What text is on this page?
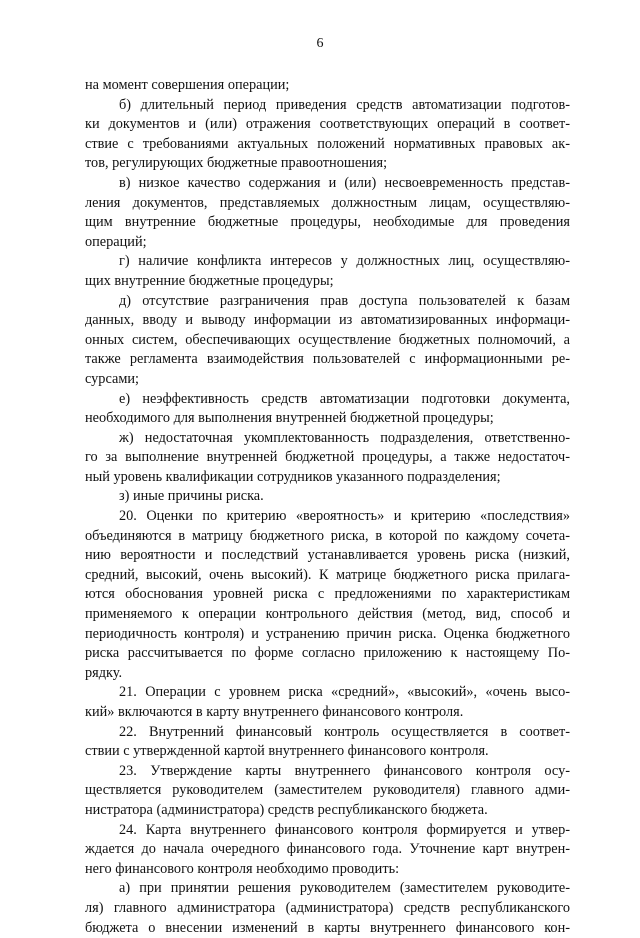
6
на момент совершения операции;
б) длительный период приведения средств автоматизации подготов-
ки документов и (или) отражения соответствующих операций в соответ-
ствие с требованиями актуальных положений нормативных правовых ак-
тов, регулирующих бюджетные правоотношения;
в) низкое качество содержания и (или) несвоевременность представ-
ления документов, представляемых должностным лицам, осуществляю-
щим внутренние бюджетные процедуры, необходимые для проведения
операций;
г) наличие конфликта интересов у должностных лиц, осуществляю-
щих внутренние бюджетные процедуры;
д) отсутствие разграничения прав доступа пользователей к базам
данных, вводу и выводу информации из автоматизированных информаци-
онных систем, обеспечивающих осуществление бюджетных полномочий, а
также регламента взаимодействия пользователей с информационными ре-
сурсами;
е) неэффективность средств автоматизации подготовки документа,
необходимого для выполнения внутренней бюджетной процедуры;
ж) недостаточная укомплектованность подразделения, ответственно-
го за выполнение внутренней бюджетной процедуры, а также недостаточ-
ный уровень квалификации сотрудников указанного подразделения;
з) иные причины риска.
20. Оценки по критерию «вероятность» и критерию «последствия»
объединяются в матрицу бюджетного риска, в которой по каждому сочета-
нию вероятности и последствий устанавливается уровень риска (низкий,
средний, высокий, очень высокий). К матрице бюджетного риска прилага-
ются обоснования уровней риска с предложениями по характеристикам
применяемого к операции контрольного действия (метод, вид, способ и
периодичность контроля) и устранению причин риска. Оценка бюджетного
риска рассчитывается по форме согласно приложению к настоящему По-
рядку.
21. Операции с уровнем риска «средний», «высокий», «очень высо-
кий» включаются в карту внутреннего финансового контроля.
22. Внутренний финансовый контроль осуществляется в соответ-
ствии с утвержденной картой внутреннего финансового контроля.
23. Утверждение карты внутреннего финансового контроля осу-
ществляется руководителем (заместителем руководителя) главного адми-
нистратора (администратора) средств республиканского бюджета.
24. Карта внутреннего финансового контроля формируется и утвер-
ждается до начала очередного финансового года. Уточнение карт внутрен-
него финансового контроля необходимо проводить:
а) при принятии решения руководителем (заместителем руководите-
ля) главного администратора (администратора) средств республиканского
бюджета о внесении изменений в карты внутреннего финансового кон-
